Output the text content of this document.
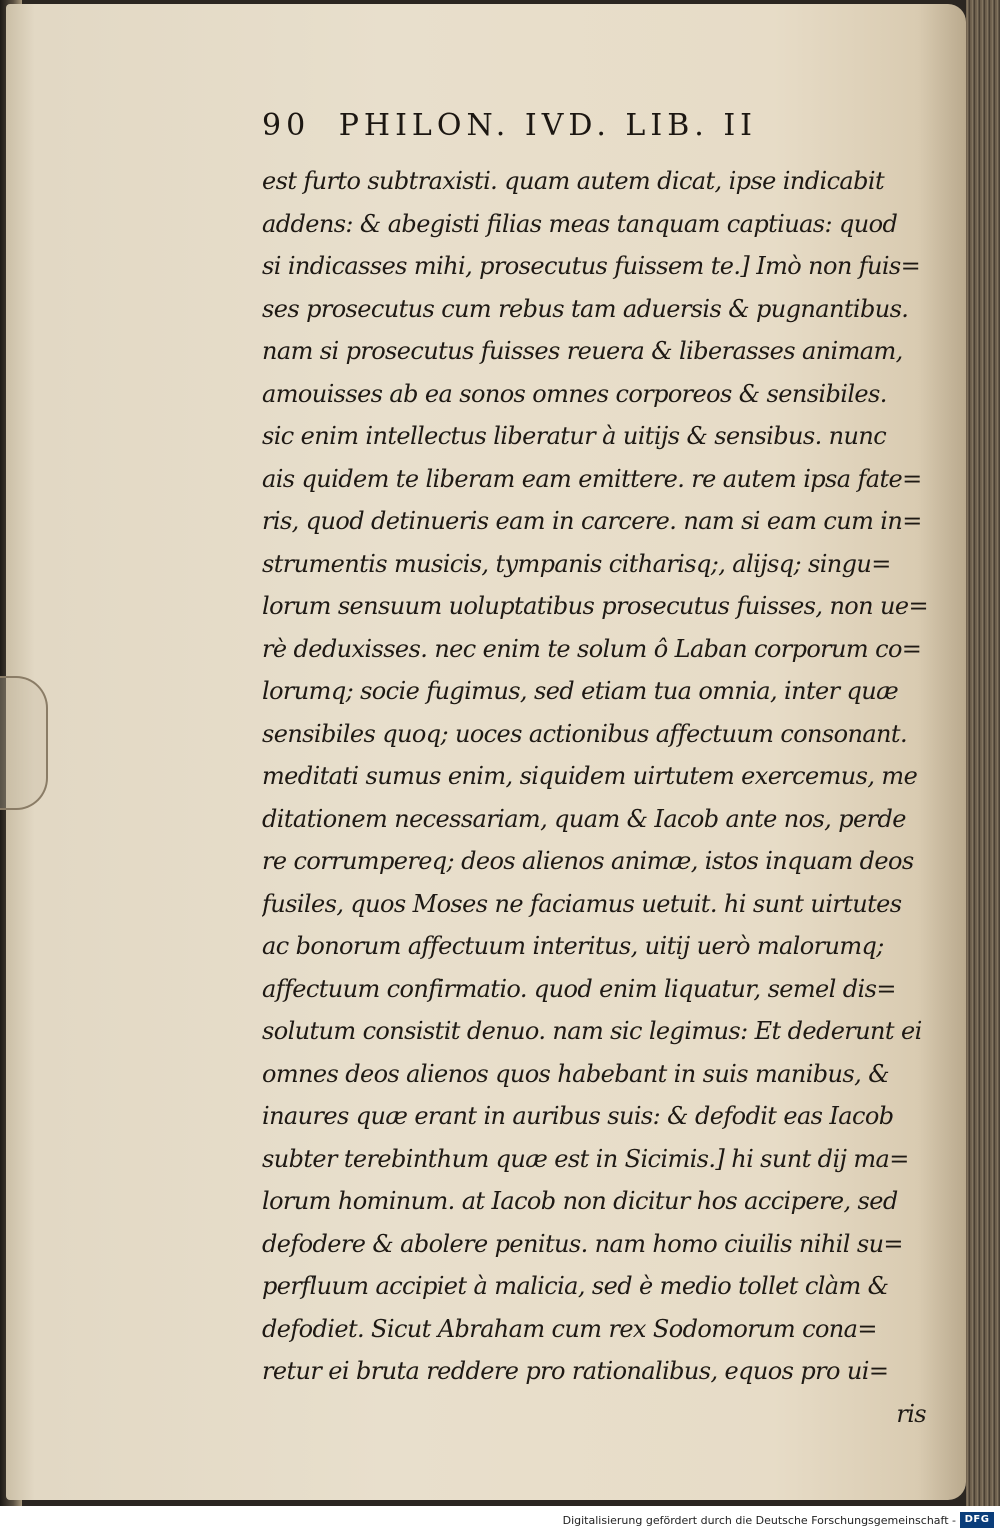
90 PHILON. IVD. LIB. II
est furto subtraxisti. quam autem dicat, ipse indicabit
addens: & abegisti filias meas tanquam captiuas: quod
si indicasses mihi, prosecutus fuissem te.] Imò non fuis=
ses prosecutus cum rebus tam aduersis & pugnantibus.
nam si prosecutus fuisses reuera & liberasses animam,
amouisses ab ea sonos omnes corporeos & sensibiles.
sic enim intellectus liberatur à uitijs & sensibus. nunc
ais quidem te liberam eam emittere. re autem ipsa fate=
ris, quod detinueris eam in carcere. nam si eam cum in=
strumentis musicis, tympanis citharisq;, alijsq; singu=
lorum sensuum uoluptatibus prosecutus fuisses, non ue=
rè deduxisses. nec enim te solum ô Laban corporum co=
lorumq; socie fugimus, sed etiam tua omnia, inter quæ
sensibiles quoq; uoces actionibus affectuum consonant.
meditati sumus enim, siquidem uirtutem exercemus, me
ditationem necessariam, quam & Iacob ante nos, perde
re corrumpereq; deos alienos animæ, istos inquam deos
fusiles, quos Moses ne faciamus uetuit. hi sunt uirtutes
ac bonorum affectuum interitus, uitij uerò malorumq;
affectuum confirmatio. quod enim liquatur, semel dis=
solutum consistit denuo. nam sic legimus: Et dederunt ei
omnes deos alienos quos habebant in suis manibus, &
inaures quæ erant in auribus suis: & defodit eas Iacob
subter terebinthum quæ est in Sicimis.] hi sunt dij ma=
lorum hominum. at Iacob non dicitur hos accipere, sed
defodere & abolere penitus. nam homo ciuilis nihil su=
perfluum accipiet à malicia, sed è medio tollet clàm &
defodiet. Sicut Abraham cum rex Sodomorum cona=
retur ei bruta reddere pro rationalibus, equos pro ui=
ris
Digitalisierung gefördert durch die Deutsche Forschungsgemeinschaft - DFG
